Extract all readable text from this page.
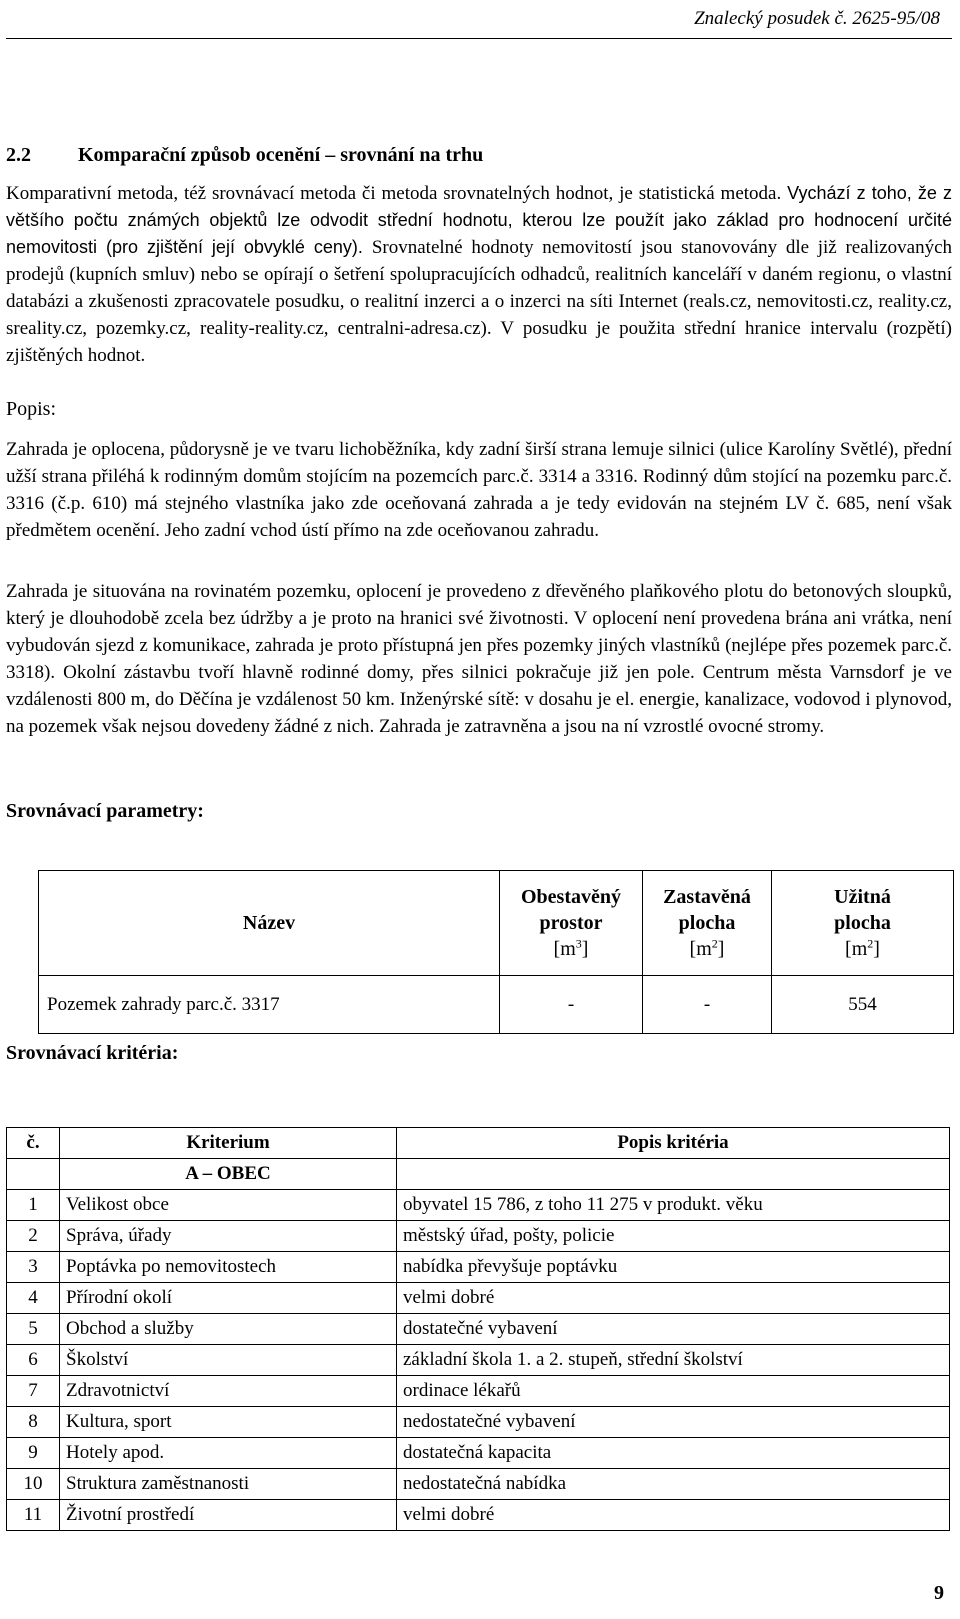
Znalecký posudek č. 2625-95/08
2.2 Komparační způsob ocenění – srovnání na trhu
Komparativní metoda, též srovnávací metoda či metoda srovnatelných hodnot, je statistická metoda. Vychází z toho, že z většího počtu známých objektů lze odvodit střední hodnotu, kterou lze použít jako základ pro hodnocení určité nemovitosti (pro zjištění její obvyklé ceny). Srovnatelné hodnoty nemovitostí jsou stanovovány dle již realizovaných prodejů (kupních smluv) nebo se opírají o šetření spolupracujících odhadců, realitních kanceláří v daném regionu, o vlastní databázi a zkušenosti zpracovatele posudku, o realitní inzerci a o inzerci na síti Internet (reals.cz, nemovitosti.cz, reality.cz, sreality.cz, pozemky.cz, reality-reality.cz, centralni-adresa.cz). V posudku je použita střední hranice intervalu (rozpětí) zjištěných hodnot.
Popis:
Zahrada je oplocena, půdorysně je ve tvaru lichoběžníka, kdy zadní širší strana lemuje silnici (ulice Karolíny Světlé), přední užší strana přiléhá k rodinným domům stojícím na pozemcích parc.č. 3314 a 3316. Rodinný dům stojící na pozemku parc.č. 3316 (č.p. 610) má stejného vlastníka jako zde oceňovaná zahrada a je tedy evidován na stejném LV č. 685, není však předmětem ocenění. Jeho zadní vchod ústí přímo na zde oceňovanou zahradu.
Zahrada je situována na rovinatém pozemku, oplocení je provedeno z dřevěného plaňkového plotu do betonových sloupků, který je dlouhodobě zcela bez údržby a je proto na hranici své životnosti. V oplocení není provedena brána ani vrátka, není vybudován sjezd z komunikace, zahrada je proto přístupná jen přes pozemky jiných vlastníků (nejlépe přes pozemek parc.č. 3318). Okolní zástavbu tvoří hlavně rodinné domy, přes silnici pokračuje již jen pole. Centrum města Varnsdorf je ve vzdálenosti 800 m, do Děčína je vzdálenost 50 km. Inženýrské sítě: v dosahu je el. energie, kanalizace, vodovod i plynovod, na pozemek však nejsou dovedeny žádné z nich. Zahrada je zatravněna a jsou na ní vzrostlé ovocné stromy.
Srovnávací parametry:
Název	Obestavěný
prostor
$[m^3]$	Zastavěná
plocha
$[m^2]$	Užitná
plocha
$[m^2]$
Pozemek zahrady parc.č. 3317	-	-	554
Srovnávací kritéria:
č.	Kriterium	Popis kritéria
	A – OBEC	
1	Velikost obce	obyvatel 15 786, z toho 11 275 v produkt. věku
2	Správa, úřady	městský úřad, pošty, policie
3	Poptávka po nemovitostech	nabídka převyšuje poptávku
4	Přírodní okolí	velmi dobré
5	Obchod a služby	dostatečné vybavení
6	Školství	základní škola 1. a 2. stupeň, střední školství
7	Zdravotnictví	ordinace lékařů
8	Kultura, sport	nedostatečné vybavení
9	Hotely apod.	dostatečná kapacita
10	Struktura zaměstnanosti	nedostatečná nabídka
11	Životní prostředí	velmi dobré
9
